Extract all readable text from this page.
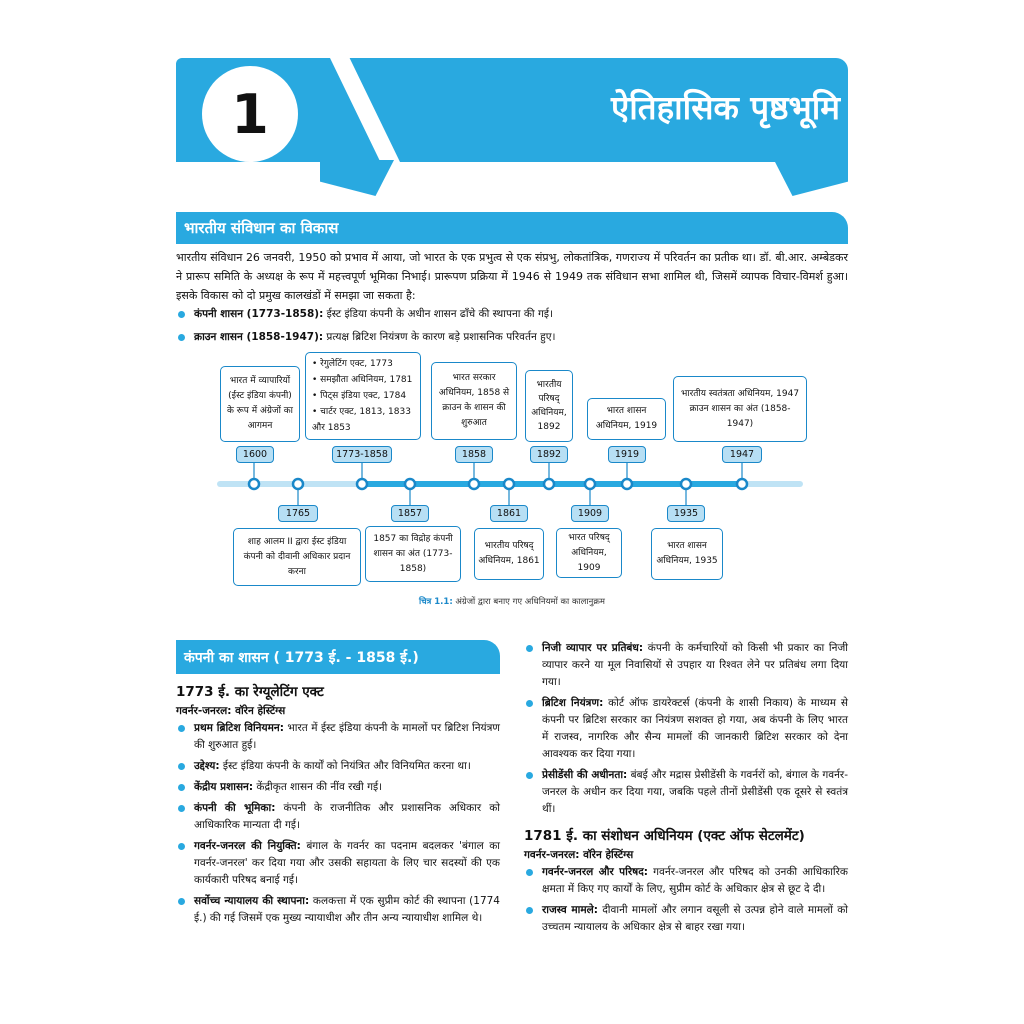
1	ऐतिहासिक पृष्ठभूमि
भारतीय संविधान का विकास
भारतीय संविधान 26 जनवरी, 1950 को प्रभाव में आया, जो भारत के एक प्रभुत्व से एक संप्रभु, लोकतांत्रिक, गणराज्य में परिवर्तन का प्रतीक था। डॉ. बी.आर. अम्बेडकर ने प्रारूप समिति के अध्यक्ष के रूप में महत्त्वपूर्ण भूमिका निभाई। प्रारूपण प्रक्रिया में 1946 से 1949 तक संविधान सभा शामिल थी, जिसमें व्यापक विचार-विमर्श हुआ। इसके विकास को दो प्रमुख कालखंडों में समझा जा सकता है:

कंपनी शासन (1773-1858): ईस्ट इंडिया कंपनी के अधीन शासन ढाँचे की स्थापना की गई।

क्राउन शासन (1858-1947): प्रत्यक्ष ब्रिटिश नियंत्रण के कारण बड़े प्रशासनिक परिवर्तन हुए।

भारत में व्यापारियों (ईस्ट इंडिया कंपनी) के रूप में अंग्रेजों का आगमन
• रेगुलेटिंग एक्ट, 1773
• समझौता अधिनियम, 1781
• पिट्स इंडिया एक्ट, 1784
• चार्टर एक्ट, 1813, 1833 और 1853
भारत सरकार अधिनियम, 1858 से क्राउन के शासन की शुरुआत
भारतीय परिषद् अधिनियम, 1892
भारत शासन अधिनियम, 1919
भारतीय स्वतंत्रता अधिनियम, 1947 क्राउन शासन का अंत (1858-1947)
1600	1773-1858	1858	1892	1919	1947
1765	1857	1861	1909	1935
शाह आलम II द्वारा ईस्ट इंडिया कंपनी को दीवानी अधिकार प्रदान करना
1857 का विद्रोह कंपनी शासन का अंत (1773-1858)
भारतीय परिषद् अधिनियम, 1861
भारत परिषद् अधिनियम, 1909
भारत शासन अधिनियम, 1935
चित्र 1.1: अंग्रेजों द्वारा बनाए गए अधिनियमों का कालानुक्रम
कंपनी का शासन ( 1773 ई. - 1858 ई.)
1773 ई. का रेग्यूलेटिंग एक्ट
गवर्नर-जनरल: वॉरेन हेस्टिंग्स

प्रथम ब्रिटिश विनियमन: भारत में ईस्ट इंडिया कंपनी के मामलों पर ब्रिटिश नियंत्रण की शुरुआत हुई।

उद्देश्य: ईस्ट इंडिया कंपनी के कार्यों को नियंत्रित और विनियमित करना था।

केंद्रीय प्रशासन: केंद्रीकृत शासन की नींव रखी गई।

कंपनी की भूमिका: कंपनी के राजनीतिक और प्रशासनिक अधिकार को आधिकारिक मान्यता दी गई।

गवर्नर-जनरल की नियुक्ति: बंगाल के गवर्नर का पदनाम बदलकर 'बंगाल का गवर्नर-जनरल' कर दिया गया और उसकी सहायता के लिए चार सदस्यों की एक कार्यकारी परिषद बनाई गई।

सर्वोच्च न्यायालय की स्थापना: कलकत्ता में एक सुप्रीम कोर्ट की स्थापना (1774 ई.) की गई जिसमें एक मुख्य न्यायाधीश और तीन अन्य न्यायाधीश शामिल थे।

निजी व्यापार पर प्रतिबंध: कंपनी के कर्मचारियों को किसी भी प्रकार का निजी व्यापार करने या मूल निवासियों से उपहार या रिश्वत लेने पर प्रतिबंध लगा दिया गया।

ब्रिटिश नियंत्रण: कोर्ट ऑफ डायरेक्टर्स (कंपनी के शासी निकाय) के माध्यम से कंपनी पर ब्रिटिश सरकार का नियंत्रण सशक्त हो गया, अब कंपनी के लिए भारत में राजस्व, नागरिक और सैन्य मामलों की जानकारी ब्रिटिश सरकार को देना आवश्यक कर दिया गया।

प्रेसीडेंसी की अधीनता: बंबई और मद्रास प्रेसीडेंसी के गवर्नरों को, बंगाल के गवर्नर-जनरल के अधीन कर दिया गया, जबकि पहले तीनों प्रेसीडेंसी एक दूसरे से स्वतंत्र थीं।

1781 ई. का संशोधन अधिनियम (एक्ट ऑफ सेटलमेंट)
गवर्नर-जनरल: वॉरेन हेस्टिंग्स

गवर्नर-जनरल और परिषद: गवर्नर-जनरल और परिषद को उनकी आधिकारिक क्षमता में किए गए कार्यों के लिए, सुप्रीम कोर्ट के अधिकार क्षेत्र से छूट दे दी।

राजस्व मामले: दीवानी मामलों और लगान वसूली से उत्पन्न होने वाले मामलों को उच्चतम न्यायालय के अधिकार क्षेत्र से बाहर रखा गया।
